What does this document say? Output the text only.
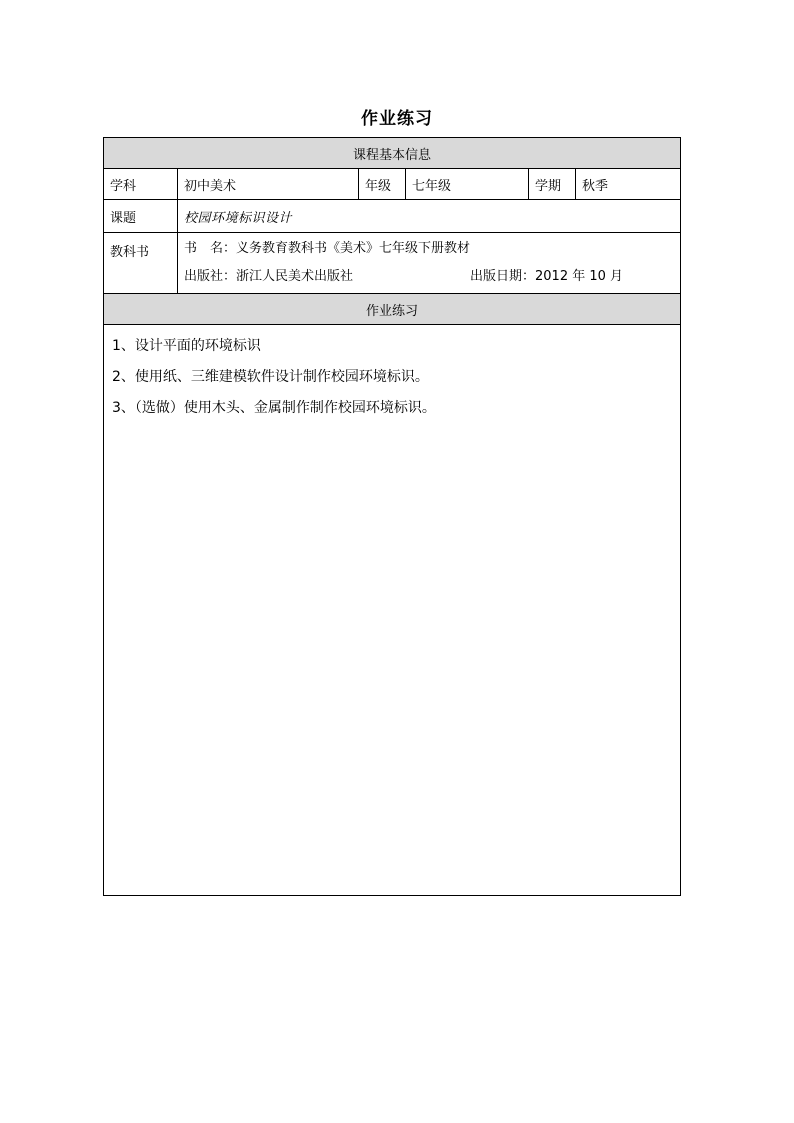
作业练习
课程基本信息					
学科	初中美术	年级	七年级	学期	秋季
课题	校园环境标识设计				
教科书	书　名：义务教育教科书《美术》七年级下册教材
出版社：浙江人民美术出版社 出版日期：2012 年 10 月				

作业练习					

1、设计平面的环境标识
2、使用纸、三维建模软件设计制作校园环境标识。
3、（选做）使用木头、金属制作制作校园环境标识。					
